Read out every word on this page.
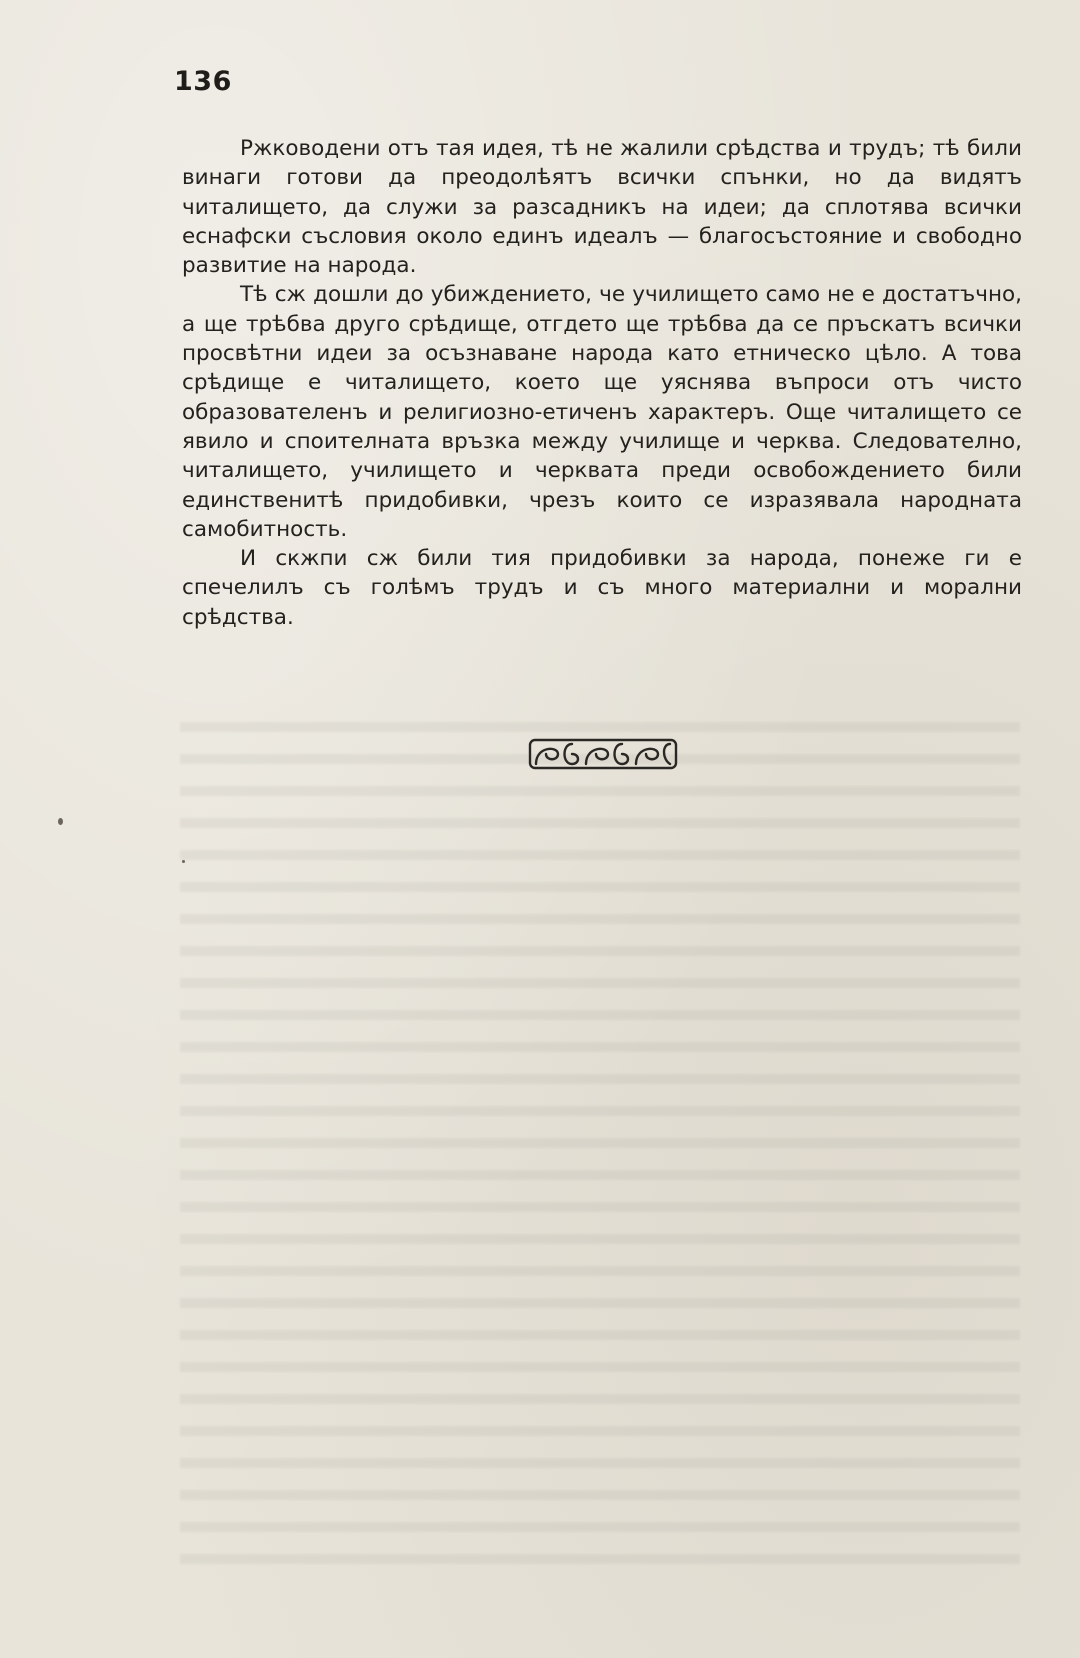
136

Ржководени отъ тая идея, тѣ не жалили срѣдства и трудъ; тѣ били винаги готови да преодолѣятъ всички спънки, но да видятъ читалището, да служи за разсадникъ на идеи; да сплотява всички еснафски съсловия около единъ идеалъ — благосъстояние и свободно развитие на народа.

Тѣ сж дошли до убиждението, че училището само не е достатъчно, а ще трѣбва друго срѣдище, отгдето ще трѣбва да се пръскатъ всички просвѣтни идеи за осъзнаване народа като етническо цѣло. А това срѣдище е читалището, което ще уяснява въпроси отъ чисто образователенъ и религиозно-етиченъ характеръ. Още читалището се явило и споителната връзка между училище и черква. Следователно, читалището, училището и черквата преди освобождението били единственитѣ придобивки, чрезъ които се изразявала народната самобитность.

И скжпи сж били тия придобивки за народа, понеже ги е спечелилъ съ голѣмъ трудъ и съ много материални и морални срѣдства.
